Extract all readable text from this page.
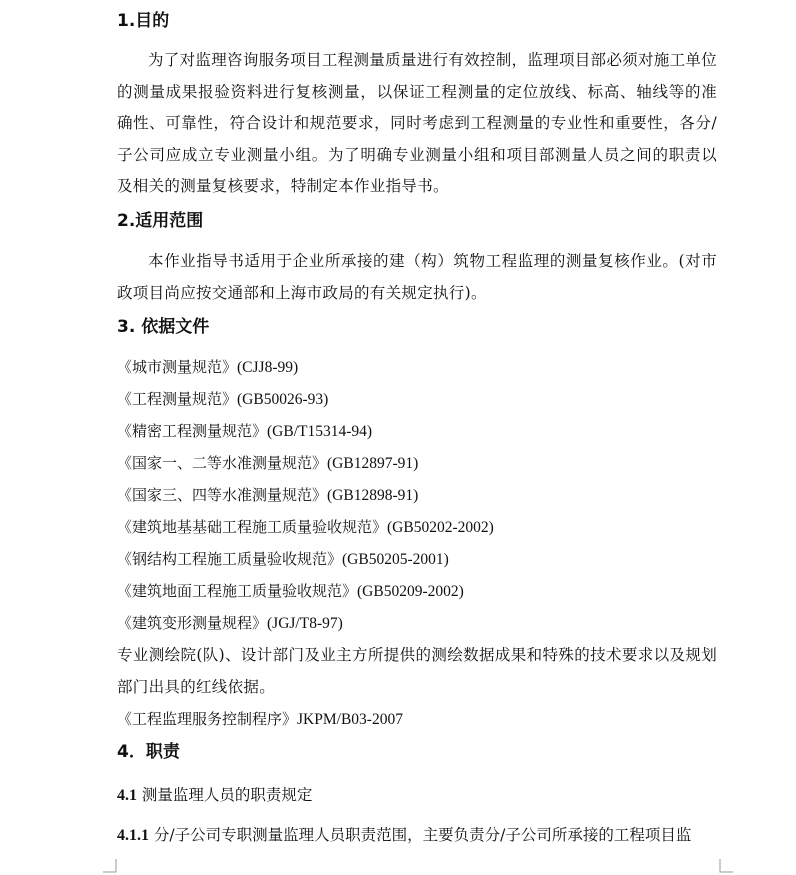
1.目的

为了对监理咨询服务项目工程测量质量进行有效控制，监理项目部必须对施工单位的测量成果报验资料进行复核测量，以保证工程测量的定位放线、标高、轴线等的准确性、可靠性，符合设计和规范要求，同时考虑到工程测量的专业性和重要性，各分/子公司应成立专业测量小组。为了明确专业测量小组和项目部测量人员之间的职责以及相关的测量复核要求，特制定本作业指导书。

2.适用范围

本作业指导书适用于企业所承接的建（构）筑物工程监理的测量复核作业。(对市政项目尚应按交通部和上海市政局的有关规定执行)。

3. 依据文件
《城市测量规范》(CJJ8-99)
《工程测量规范》(GB50026-93)
《精密工程测量规范》(GB/T15314-94)
《国家一、二等水准测量规范》(GB12897-91)
《国家三、四等水准测量规范》(GB12898-91)
《建筑地基基础工程施工质量验收规范》(GB50202-2002)
《钢结构工程施工质量验收规范》(GB50205-2001)
《建筑地面工程施工质量验收规范》(GB50209-2002)
《建筑变形测量规程》(JGJ/T8-97)

专业测绘院(队)、设计部门及业主方所提供的测绘数据成果和特殊的技术要求以及规划部门出具的红线依据。

《工程监理服务控制程序》JKPM/B03-2007
4．职责
4.1 测量监理人员的职责规定
4.1.1 分/子公司专职测量监理人员职责范围，主要负责分/子公司所承接的工程项目监
